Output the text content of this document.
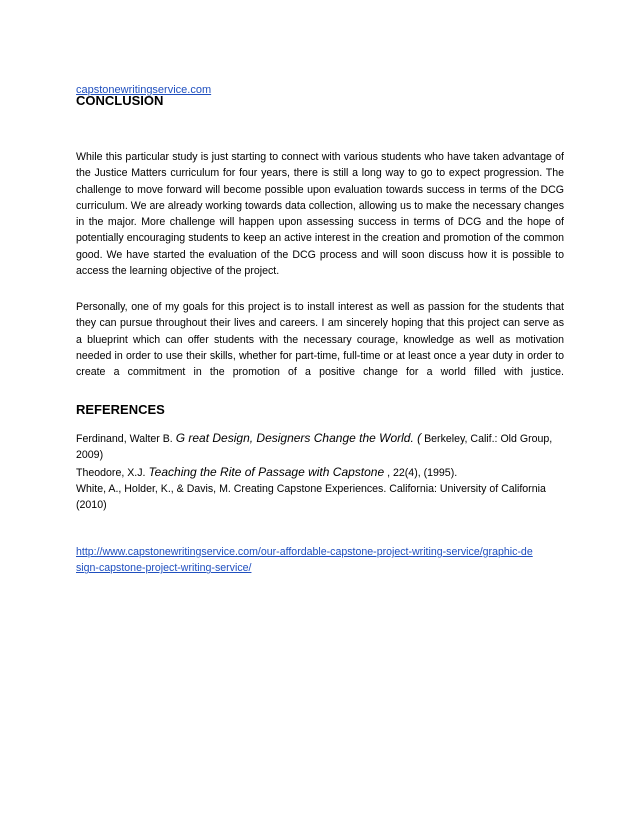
capstonewritingservice.com
CONCLUSION

While this particular study is just starting to connect with various students who have taken advantage of the Justice Matters curriculum for four years, there is still a long way to go to expect progression. The challenge to move forward will become possible upon evaluation towards success in terms of the DCG curriculum. We are already working towards data collection, allowing us to make the necessary changes in the major. More challenge will happen upon assessing success in terms of DCG and the hope of potentially encouraging students to keep an active interest in the creation and promotion of the common good. We have started the evaluation of the DCG process and will soon discuss how it is possible to access the learning objective of the project.

Personally, one of my goals for this project is to install interest as well as passion for the students that they can pursue throughout their lives and careers. I am sincerely hoping that this project can serve as a blueprint which can offer students with the necessary courage, knowledge as well as motivation needed in order to use their skills, whether for part-time, full-time or at least once a year duty in order to create a commitment in the promotion of a positive change for a world filled with justice.

REFERENCES

Ferdinand, Walter B. G reat Design, Designers Change the World. ( Berkeley, Calif.: Old Group,
2009)

Theodore, X.J. Teaching the Rite of Passage with Capstone , 22(4), (1995).

White, A., Holder, K., & Davis, M. Creating Capstone Experiences. California: University of California (2010)

http://www.capstonewritingservice.com/our-affordable-capstone-project-writing-service/graphic-design-capstone-project-writing-service/
